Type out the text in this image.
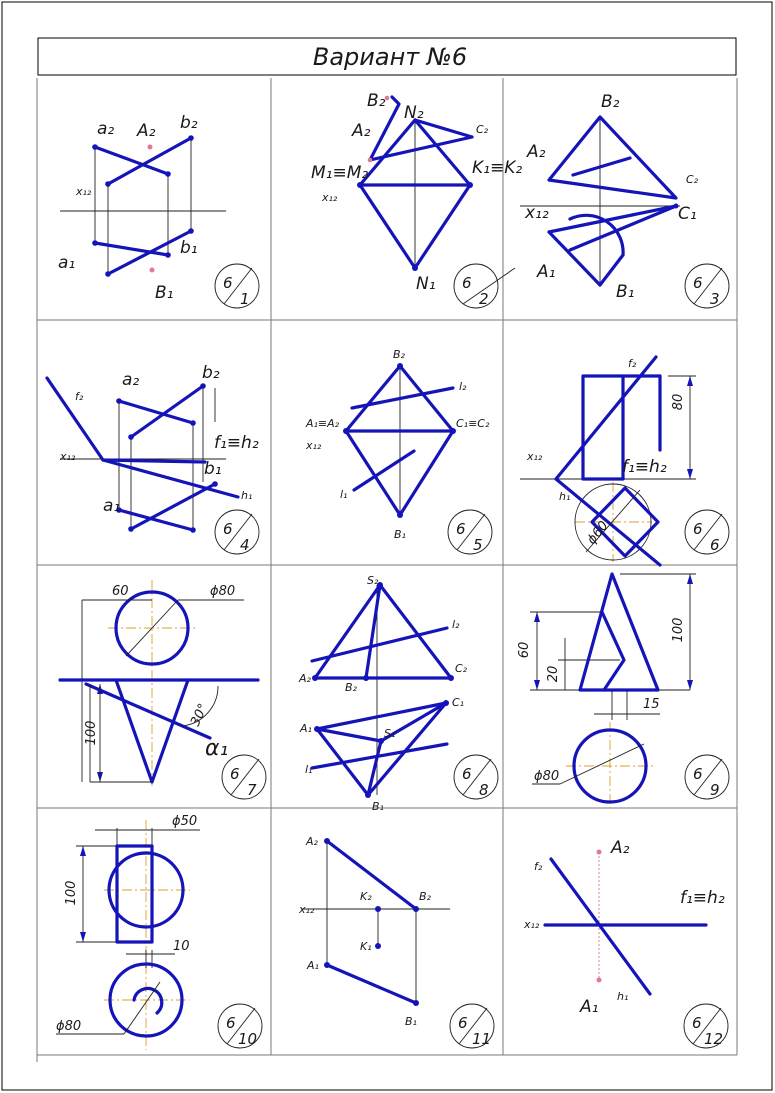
Вариант №6
a₂ A₂ b₂
x₁₂
a₁
b₁
B₁
B₂
N₂
A₂	C₂
M₁≡M₂	K₁≡K₂
x₁₂
N₁
B₂
A₂
C₂
x₁₂	C₁
A₁
B₁
f₂
a₂	b₂
f₁≡h₂
x₁₂
b₁
a₁
h₁
B₂
l₂
A₁≡A₂	C₁≡C₂
x₁₂
l₁
B₁
80
ϕ60
f₂
x₁₂
f₁≡h₂
h₁
60	ϕ80
100
30°
α₁
S₂
l₂
A₂
B₂
C₂
A₁	S₁
C₁
l₁
B₁
100
60
20
15
ϕ80
ϕ50
100
10
ϕ80
A₂
K₂	B₂
x₁₂
K₁
A₁
B₁
A₂
f₂
f₁≡h₂
x₁₂
A₁
h₁
6
1
6
2
6
3
6
4
6
5
6
6
6
7
6
8
6
9
6
10
6
11
6
12
